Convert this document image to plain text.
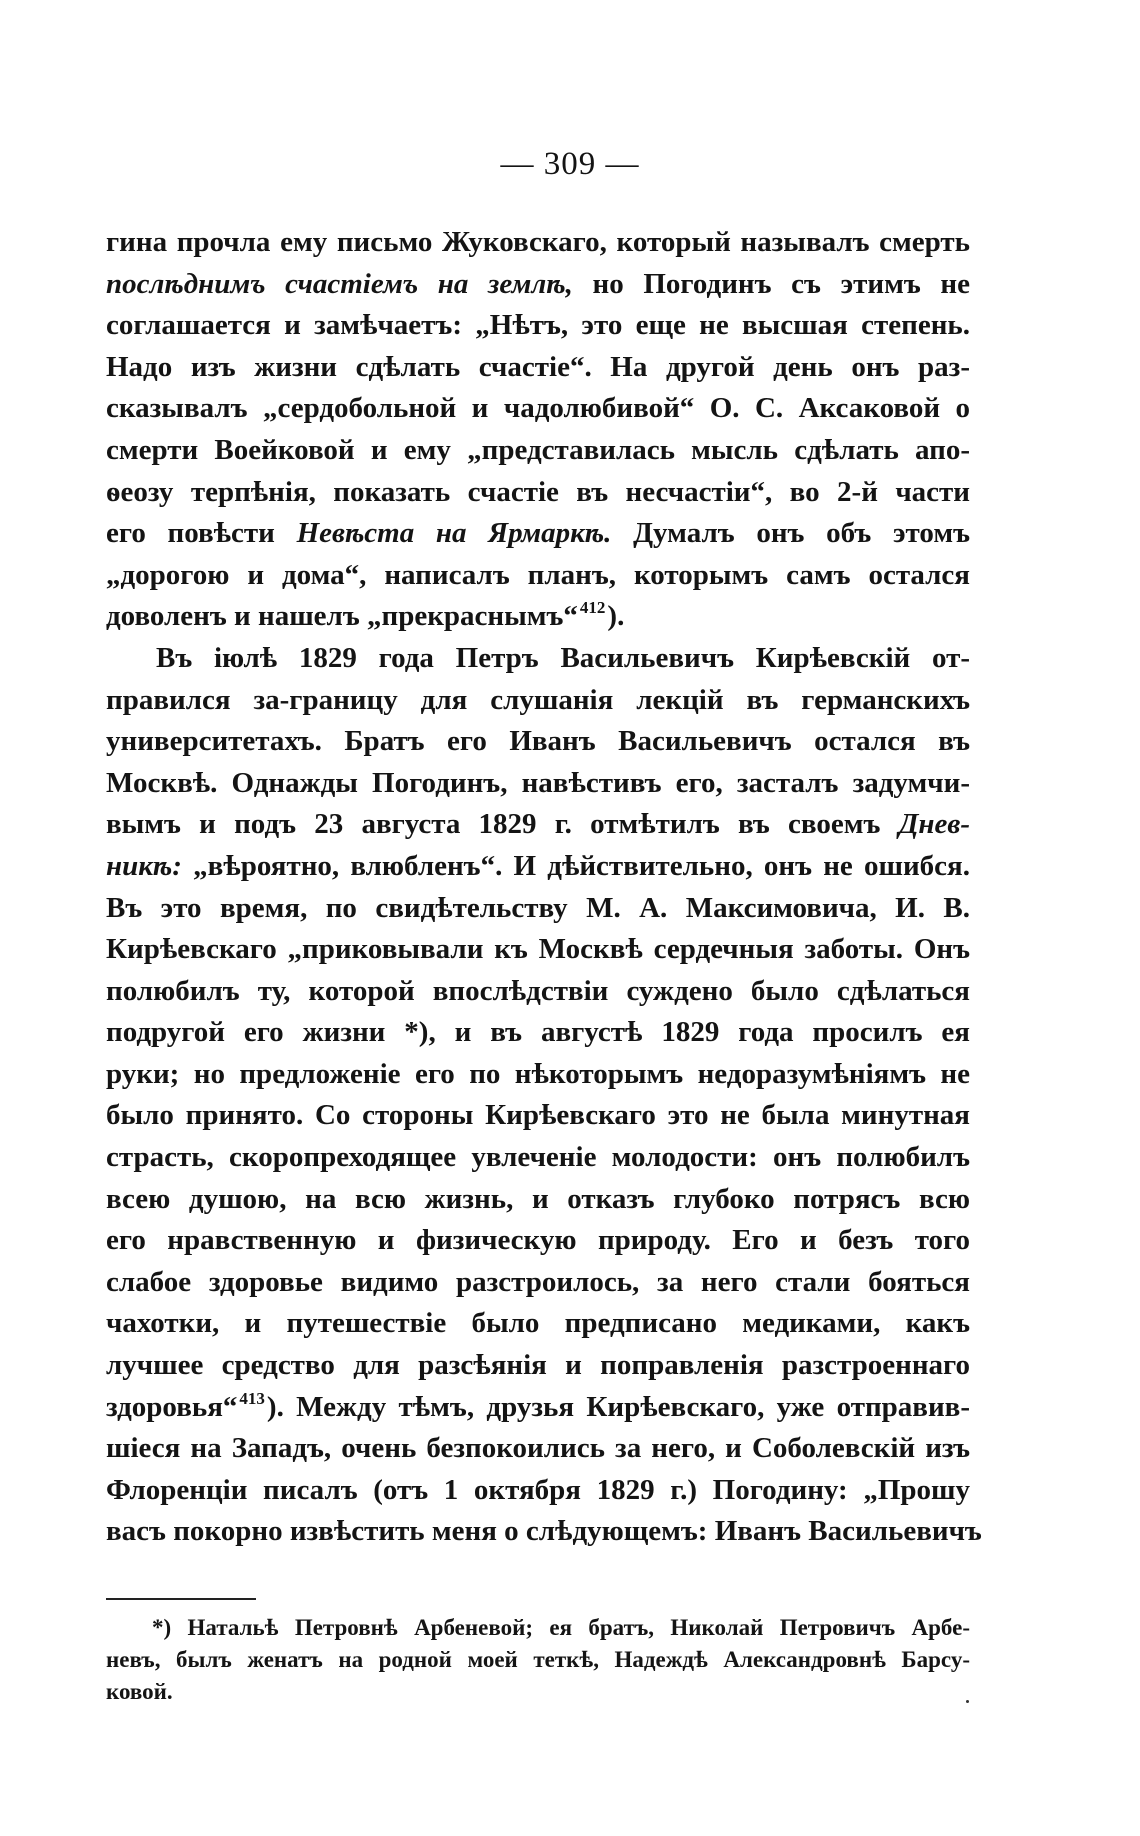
— 309 —
гина прочла ему письмо Жуковскаго, который называлъ смерть
послѣднимъ счастіемъ на землѣ, но Погодинъ съ этимъ не
соглашается и замѣчаетъ: „Нѣтъ, это еще не высшая степень.
Надо изъ жизни сдѣлать счастіе“. На другой день онъ раз-
сказывалъ „сердобольной и чадолюбивой“ О. С. Аксаковой о
смерти Воейковой и ему „представилась мысль сдѣлать апо-
ѳеозу терпѣнія, показать счастіе въ несчастіи“, во 2-й части
его повѣсти Невѣста на Ярмаркѣ. Думалъ онъ объ этомъ
„дорогою и дома“, написалъ планъ, которымъ самъ остался
доволенъ и нашелъ „прекраснымъ“ $^{412}$).
Въ іюлѣ 1829 года Петръ Васильевичъ Кирѣевскій от-
правился за-границу для слушанія лекцій въ германскихъ
университетахъ. Братъ его Иванъ Васильевичъ остался въ
Москвѣ. Однажды Погодинъ, навѣстивъ его, засталъ задумчи-
вымъ и подъ 23 августа 1829 г. отмѣтилъ въ своемъ Днев-
никѣ: „вѣроятно, влюбленъ“. И дѣйствительно, онъ не ошибся.
Въ это время, по свидѣтельству М. А. Максимовича, И. В.
Кирѣевскаго „приковывали къ Москвѣ сердечныя заботы. Онъ
полюбилъ ту, которой впослѣдствіи суждено было сдѣлаться
подругой его жизни *), и въ августѣ 1829 года просилъ ея
руки; но предложеніе его по нѣкоторымъ недоразумѣніямъ не
было принято. Со стороны Кирѣевскаго это не была минутная
страсть, скоропреходящее увлеченіе молодости: онъ полюбилъ
всею душою, на всю жизнь, и отказъ глубоко потрясъ всю
его нравственную и физическую природу. Его и безъ того
слабое здоровье видимо разстроилось, за него стали бояться
чахотки, и путешествіе было предписано медиками, какъ
лучшее средство для разсѣянія и поправленія разстроеннаго
здоровья“ $^{413}$). Между тѣмъ, друзья Кирѣевскаго, уже отправив-
шіеся на Западъ, очень безпокоились за него, и Соболевскій изъ
Флоренціи писалъ (отъ 1 октября 1829 г.) Погодину: „Прошу
васъ покорно извѣстить меня о слѣдующемъ: Иванъ Васильевичъ
*) Натальѣ Петровнѣ Арбеневой; ея братъ, Николай Петровичъ Арбе-
невъ, былъ женатъ на родной моей теткѣ, Надеждѣ Александровнѣ Барсу-
ковой.
